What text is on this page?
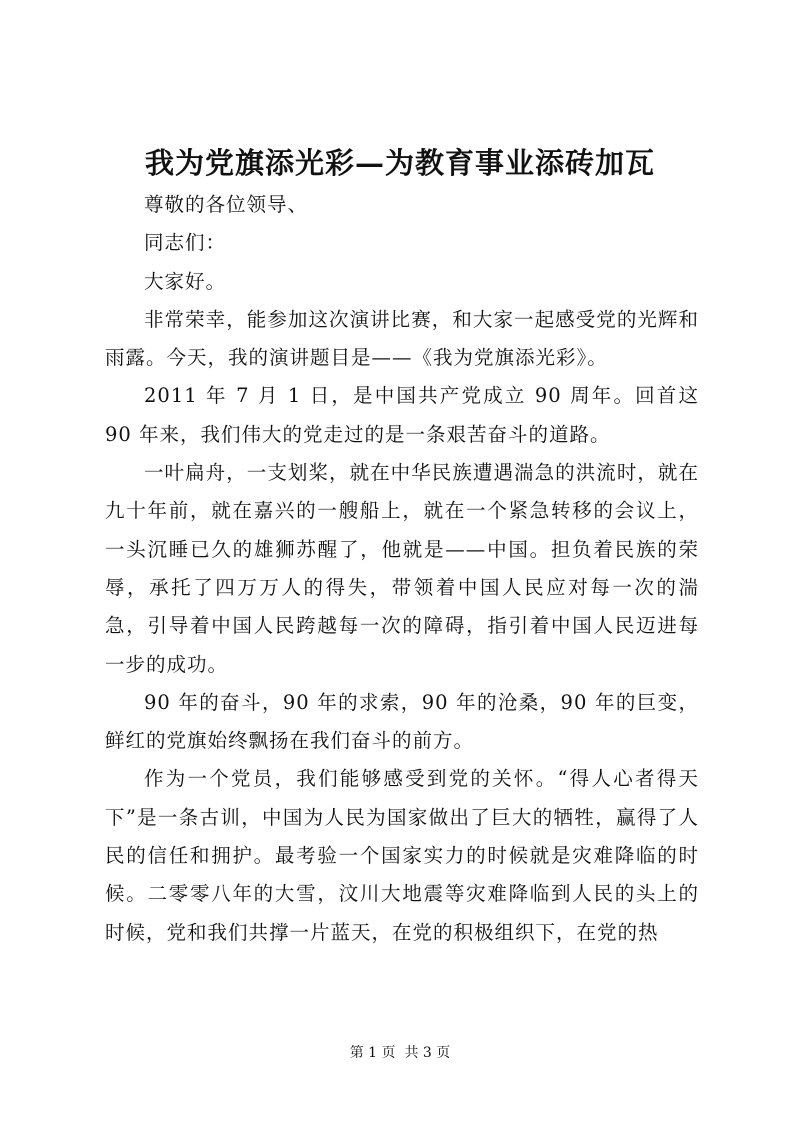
我为党旗添光彩—为教育事业添砖加瓦

尊敬的各位领导、

同志们：

大家好。

非常荣幸，能参加这次演讲比赛，和大家一起感受党的光辉和雨露。今天，我的演讲题目是——《我为党旗添光彩》。

2011 年 7 月 1 日，是中国共产党成立 90 周年。回首这 90 年来，我们伟大的党走过的是一条艰苦奋斗的道路。

一叶扁舟，一支划桨，就在中华民族遭遇湍急的洪流时，就在九十年前，就在嘉兴的一艘船上，就在一个紧急转移的会议上，一头沉睡已久的雄狮苏醒了，他就是——中国。担负着民族的荣辱，承托了四万万人的得失，带领着中国人民应对每一次的湍急，引导着中国人民跨越每一次的障碍，指引着中国人民迈进每一步的成功。

90 年的奋斗，90 年的求索，90 年的沧桑，90 年的巨变，鲜红的党旗始终飘扬在我们奋斗的前方。

作为一个党员，我们能够感受到党的关怀。“得人心者得天下”是一条古训，中国为人民为国家做出了巨大的牺牲，赢得了人民的信任和拥护。最考验一个国家实力的时候就是灾难降临的时候。二零零八年的大雪，汶川大地震等灾难降临到人民的头上的时候，党和我们共撑一片蓝天，在党的积极组织下，在党的热

第 1 页  共 3 页
